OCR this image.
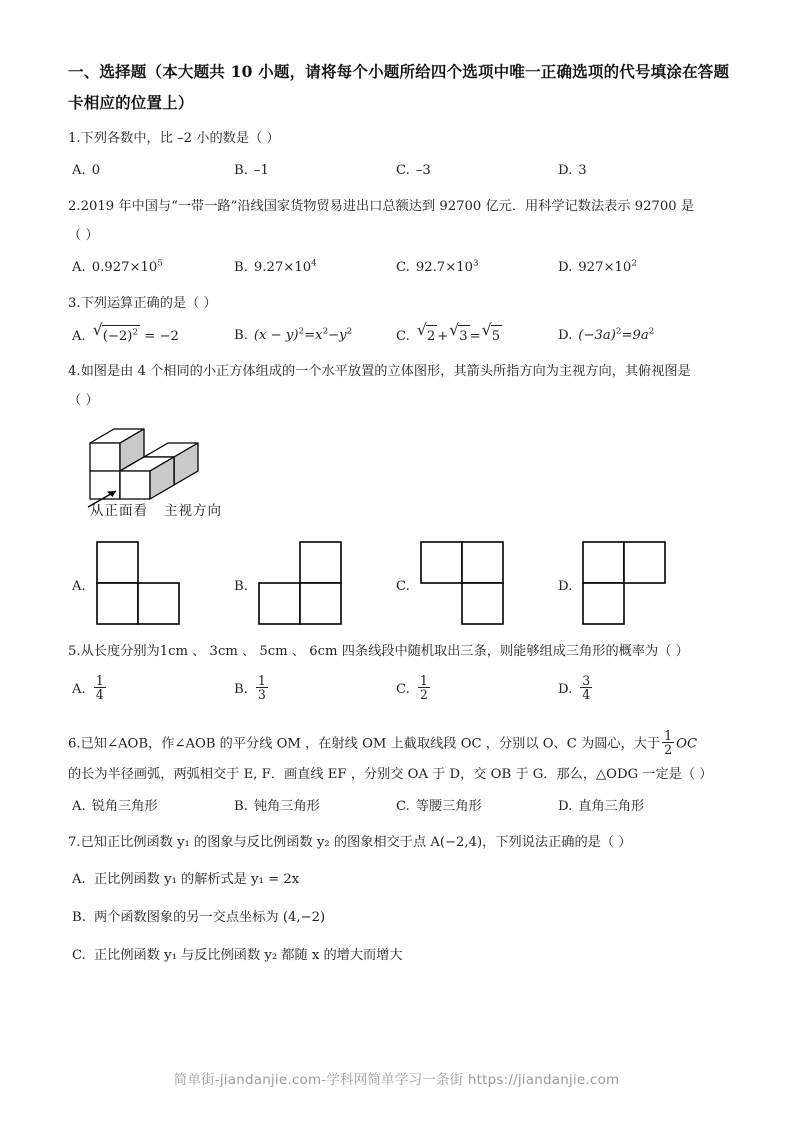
一、选择题（本大题共 10 小题，请将每个小题所给四个选项中唯一正确选项的代号填涂在答题卡相应的位置上）
1.下列各数中，比 –2 小的数是（ ）
A. 0	B. –1	C. –3	D. 3
2.2019 年中国与“一带一路”沿线国家货物贸易进出口总额达到 92700 亿元．用科学记数法表示 92700 是
（ ）
A. $0.927\times 10^5$	B. $9.27\times 10^4$	C. $92.7\times 10^3$	D. $927\times 10^2$
3.下列运算正确的是（ ）
A. √ $(-2)^2 = -2$	B. $(x - y)^2=x^2-y^2$	C. √ 2 + √ 3 = √ 5	D. $(-3a)^2=9a^2$
4.如图是由 4 个相同的小正方体组成的一个水平放置的立体图形，其箭头所指方向为主视方向，其俯视图是
（ ）
从正面看 主视方向
A.	B.	C.	D.
5.从长度分别为1cm 、 3cm 、 5cm 、 6cm 四条线段中随机取出三条，则能够组成三角形的概率为（ ）
A. $\frac{1}{4}$	B. $\frac{1}{3}$	C. $\frac{1}{2}$	D. $\frac{3}{4}$
6.已知∠AOB，作∠AOB 的平分线 OM ，在射线 OM 上截取线段 OC ，分别以 O、C 为圆心，大于 $\frac{1}{2}$ OC
的长为半径画弧，两弧相交于 E, F．画直线 EF ，分别交 OA 于 D，交 OB 于 G．那么，△ODG 一定是（ ）
A. 锐角三角形	B. 钝角三角形	C. 等腰三角形	D. 直角三角形
7.已知正比例函数 y₁ 的图象与反比例函数 y₂ 的图象相交于点 A(−2,4)，下列说法正确的是（ ）
A. 正比例函数 y₁ 的解析式是 y₁ = 2x
B. 两个函数图象的另一交点坐标为 (4,−2)
C. 正比例函数 y₁ 与反比例函数 y₂ 都随 x 的增大而增大
简单街-jiandanjie.com-学科网简单学习一条街 https://jiandanjie.com
